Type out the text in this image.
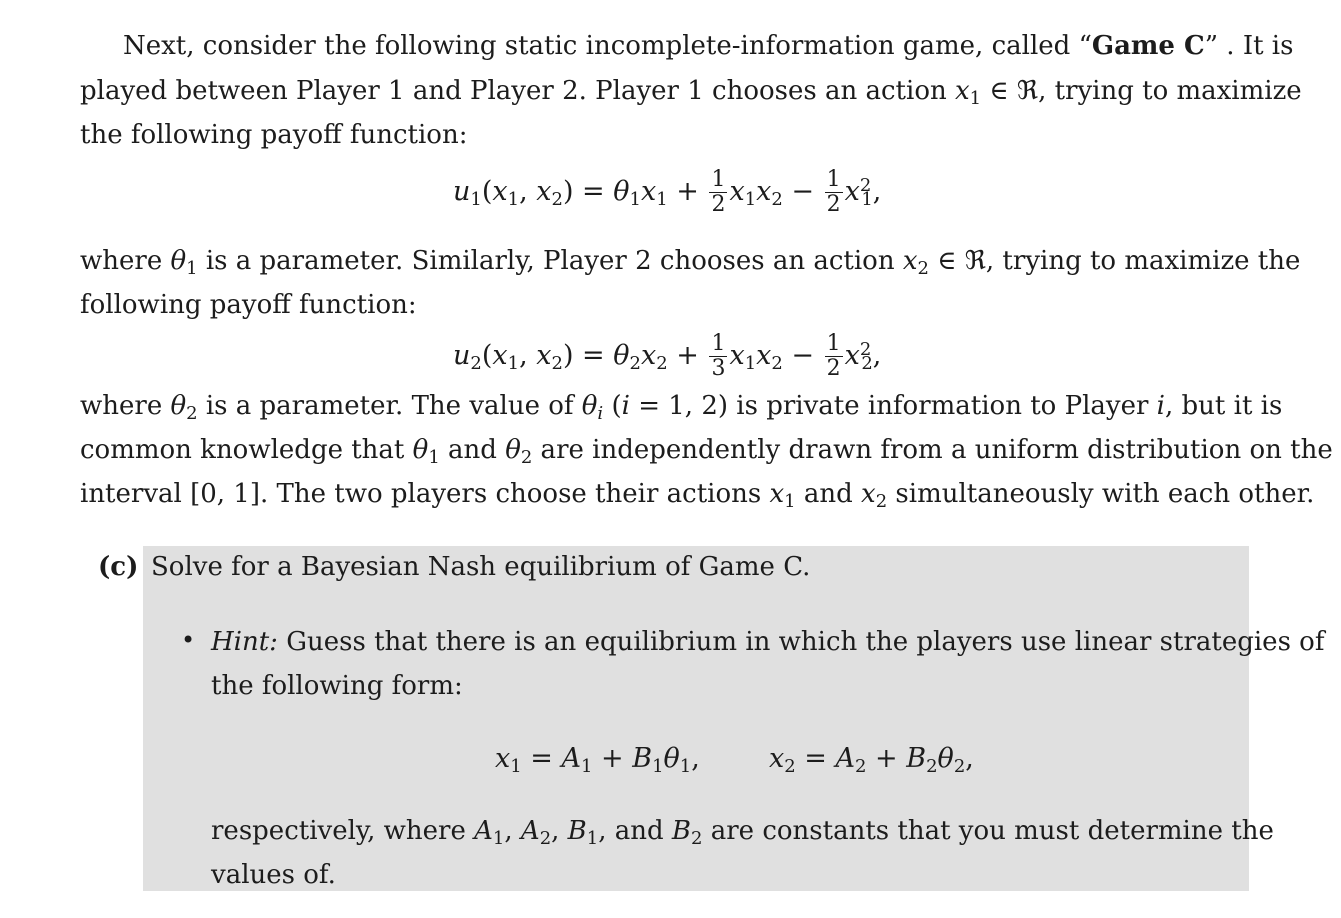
Next, consider the following static incomplete-information game, called “Game C” . It is
played between Player 1 and Player 2. Player 1 chooses an action $x_1$ ∈ ℜ, trying to maximize
the following payoff function:
$u_1(x_1$, $x_2) = \theta_1x_1 + \frac{1}{2} x_1x_2 - \frac{1}{2} x^2_1$,
where $\theta_1$ is a parameter. Similarly, Player 2 chooses an action $x_2$ ∈ ℜ, trying to maximize the
following payoff function:
$u_2(x_1$, $x_2) = \theta_2x_2 + \frac{1}{3} x_1x_2 - \frac{1}{2} x^2_2$,
where $\theta_2$ is a parameter. The value of $\theta_i$ (i = 1, 2) is private information to Player i, but it is
common knowledge that $\theta_1$ and $\theta_2$ are independently drawn from a uniform distribution on the
interval [0, 1]. The two players choose their actions $x_1$ and $x_2$ simultaneously with each other.
(c) Solve for a Bayesian Nash equilibrium of Game C.
• Hint: Guess that there is an equilibrium in which the players use linear strategies of
the following form:
$x_1 = A_1 + B_1\theta_1$,  $x_2 = A_2 + B_2\theta_2$,
respectively, where $A_1$, $A_2$, $B_1$, and $B_2$ are constants that you must determine the
values of.
